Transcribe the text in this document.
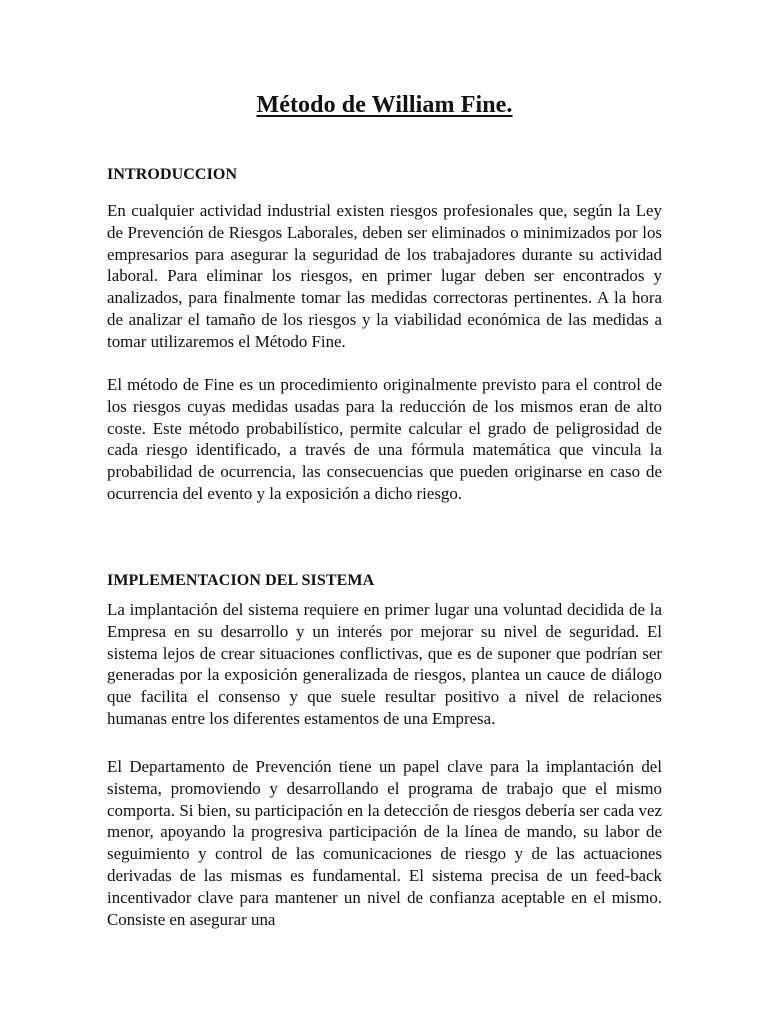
Método de William Fine.
INTRODUCCION

En cualquier actividad industrial existen riesgos profesionales que, según la Ley de Prevención de Riesgos Laborales, deben ser eliminados o minimizados por los empresarios para asegurar la seguridad de los trabajadores durante su actividad laboral. Para eliminar los riesgos, en primer lugar deben ser encontrados y analizados, para finalmente tomar las medidas correctoras pertinentes. A la hora de analizar el tamaño de los riesgos y la viabilidad económica de las medidas a tomar utilizaremos el Método Fine.

El método de Fine es un procedimiento originalmente previsto para el control de los riesgos cuyas medidas usadas para la reducción de los mismos eran de alto coste. Este método probabilístico, permite calcular el grado de peligrosidad de cada riesgo identificado, a través de una fórmula matemática que vincula la probabilidad de ocurrencia, las consecuencias que pueden originarse en caso de ocurrencia del evento y la exposición a dicho riesgo.

IMPLEMENTACION DEL SISTEMA

La implantación del sistema requiere en primer lugar una voluntad decidida de la Empresa en su desarrollo y un interés por mejorar su nivel de seguridad. El sistema lejos de crear situaciones conflictivas, que es de suponer que podrían ser generadas por la exposición generalizada de riesgos, plantea un cauce de diálogo que facilita el consenso y que suele resultar positivo a nivel de relaciones humanas entre los diferentes estamentos de una Empresa.

El Departamento de Prevención tiene un papel clave para la implantación del sistema, promoviendo y desarrollando el programa de trabajo que el mismo comporta. Si bien, su participación en la detección de riesgos debería ser cada vez menor, apoyando la progresiva participación de la línea de mando, su labor de seguimiento y control de las comunicaciones de riesgo y de las actuaciones derivadas de las mismas es fundamental. El sistema precisa de un feed-back incentivador clave para mantener un nivel de confianza aceptable en el mismo. Consiste en asegurar una
